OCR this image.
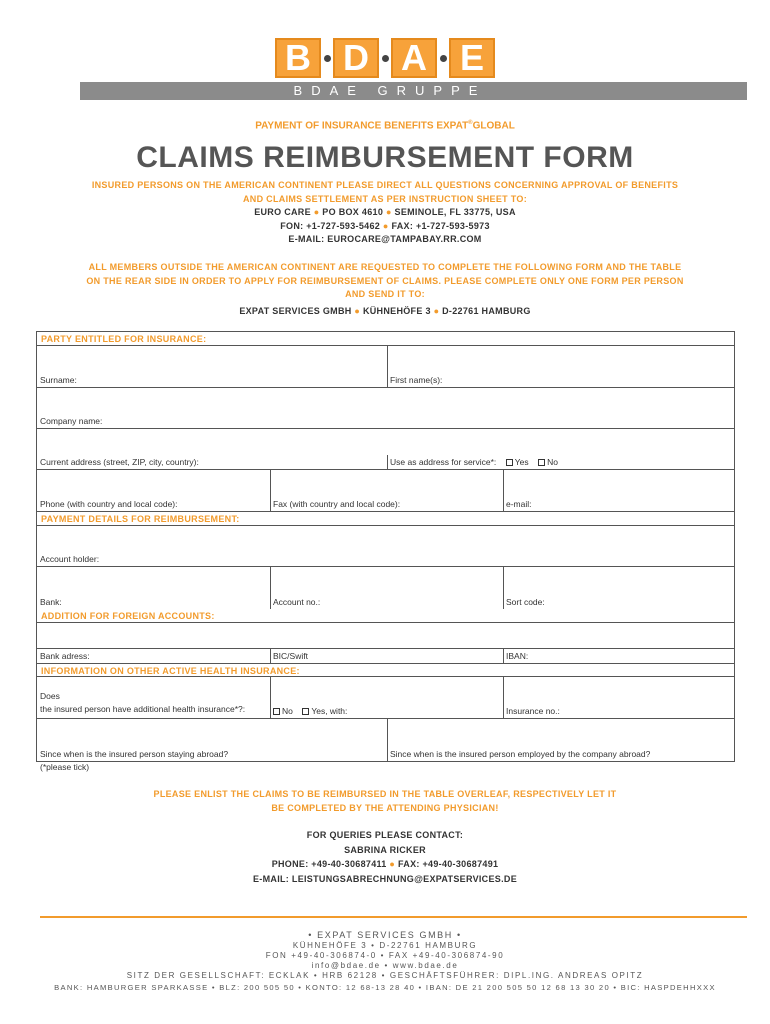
B D A E
BDAE GRUPPE
PAYMENT OF INSURANCE BENEFITS EXPAT®GLOBAL
CLAIMS REIMBURSEMENT FORM
INSURED PERSONS ON THE AMERICAN CONTINENT PLEASE DIRECT ALL QUESTIONS CONCERNING APPROVAL OF BENEFITS
AND CLAIMS SETTLEMENT AS PER INSTRUCTION SHEET TO:
EURO CARE ● PO BOX 4610 ● SEMINOLE, FL 33775, USA
FON: +1-727-593-5462 ● FAX: +1-727-593-5973
E-MAIL: EUROCARE@TAMPABAY.RR.COM
ALL MEMBERS OUTSIDE THE AMERICAN CONTINENT ARE REQUESTED TO COMPLETE THE FOLLOWING FORM AND THE TABLE
ON THE REAR SIDE IN ORDER TO APPLY FOR REIMBURSEMENT OF CLAIMS. PLEASE COMPLETE ONLY ONE FORM PER PERSON
AND SEND IT TO:
EXPAT SERVICES GMBH ● KÜHNEHÖFE 3 ● D-22761 HAMBURG
PARTY ENTITLED FOR INSURANCE:
Surname:	First name(s):
Company name:
Current address (street, ZIP, city, country):	Use as address for service*: Yes No
Phone (with country and local code):	Fax (with country and local code):	e-mail:
PAYMENT DETAILS FOR REIMBURSEMENT:
Account holder:
Bank:	Account no.:	Sort code:
ADDITION FOR FOREIGN ACCOUNTS:
Bank adress:	BIC/Swift	IBAN:
INFORMATION ON OTHER ACTIVE HEALTH INSURANCE:
Does
the insured person have additional health insurance*?:	No Yes, with:	Insurance no.:
Since when is the insured person staying abroad?	Since when is the insured person employed by the company abroad?
(*please tick)
PLEASE ENLIST THE CLAIMS TO BE REIMBURSED IN THE TABLE OVERLEAF, RESPECTIVELY LET IT
BE COMPLETED BY THE ATTENDING PHYSICIAN!
FOR QUERIES PLEASE CONTACT:
SABRINA RICKER
PHONE: +49-40-30687411 ● FAX: +49-40-30687491
E-MAIL: LEISTUNGSABRECHNUNG@EXPATSERVICES.DE
• EXPAT SERVICES GMBH •
KÜHNEHÖFE 3 • D-22761 HAMBURG
FON +49-40-306874-0 • FAX +49-40-306874-90
info@bdae.de • www.bdae.de
SITZ DER GESELLSCHAFT: ECKLAK • HRB 62128 • GESCHÄFTSFÜHRER: DIPL.ING. ANDREAS OPITZ
BANK: HAMBURGER SPARKASSE • BLZ: 200 505 50 • KONTO: 12 68-13 28 40 • IBAN: DE 21 200 505 50 12 68 13 30 20 • BIC: HASPDEHHXXX
